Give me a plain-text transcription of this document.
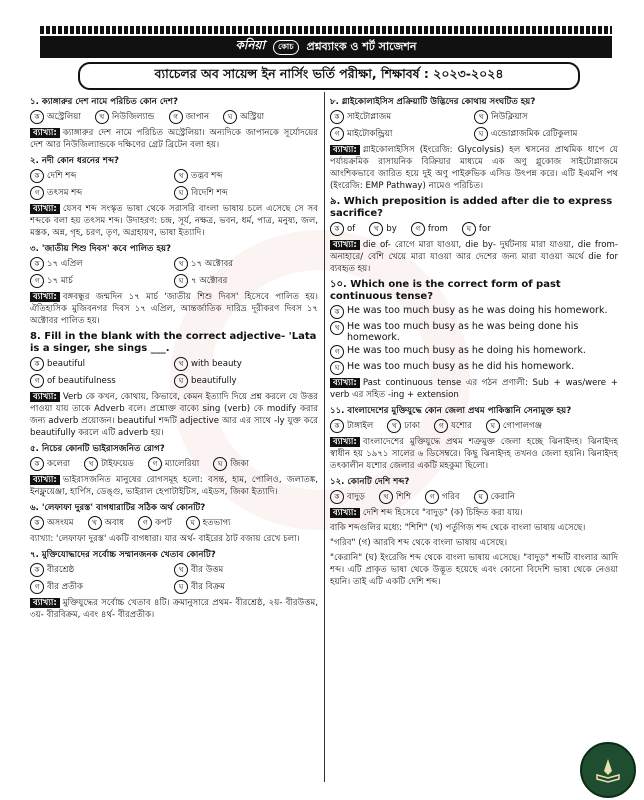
কনিয়া	কোচ	প্রশ্নব্যাংক ও শর্ট সাজেশন
ব্যাচেলর অব সায়েন্স ইন নার্সিং ভর্তি পরীক্ষা, শিক্ষাবর্ষ : ২০২৩-২০২৪
১. ক্যাঙ্গারুর দেশ নামে পরিচিত কোন দেশ?
ক অস্ট্রেলিয়া	খ নিউজিল্যান্ড	গ জাপান	ঘ অস্ট্রিয়া
ব্যাখ্যা: ক্যাঙ্গারুর দেশ নামে পরিচিত অস্ট্রেলিয়া। অন্যদিকে জাপানকে সূর্যোদয়ের দেশ আর নিউজিল্যান্ডকে দক্ষিণের গ্রেট ব্রিটেন বলা হয়।
২. নদী কোন ধরনের শব্দ?
ক দেশি শব্দ	খ তদ্ভব শব্দ
গ তৎসম শব্দ	ঘ বিদেশি শব্দ
ব্যাখ্যা: যেসব শব্দ সংস্কৃত ভাষা থেকে সরাসরি বাংলা ভাষায় চলে এসেছে সে সব শব্দকে বলা হয় তৎসম শব্দ। উদাহরণ: চন্দ্র, সূর্য, নক্ষত্র, ভবন, ধর্ম, পাত্র, মনুষ্য, জল, মস্তক, অন্ন, গৃহ, চরণ, তৃণ, অগ্রহায়ণ, ভাষা ইত্যাদি।
৩. 'জাতীয় শিশু দিবস' কবে পালিত হয়?
ক ১৭ এপ্রিল	খ ১৭ অক্টোবর
গ ১৭ মার্চ	ঘ ৭ অক্টোবর
ব্যাখ্যা: বঙ্গবন্ধুর জন্মদিন ১৭ মার্চ 'জাতীয় শিশু দিবস' হিসেবে পালিত হয়। ঐতিহাসিক মুজিবনগর দিবস ১৭ এপ্রিল, আন্তর্জাতিক দারিদ্র দূরীকরণ দিবস ১৭ অক্টোবর পালিত হয়।
8. Fill in the blank with the correct adjective- 'Lata is a singer, she sings ___.
ক beautiful	খ with beauty
গ of beautifulness	ঘ beautifully
ব্যাখ্যা: Verb কে কখন, কোথায়, কিভাবে, কেমন ইত্যাদি দিয়ে প্রশ্ন করলে যে উত্তর পাওয়া যায় তাকে Adverb বলে। প্রশ্নোক্ত বাক্যে sing (verb) কে modify করার জন্য adverb প্রয়োজন। beautiful শব্দটি adjective আর এর সাথে -ly যুক্ত করে beautifully করলে এটি adverb হয়।
৫. নিচের কোনটি ভাইরাসজনিত রোগ?
ক কলেরা	খ টাইফয়েড	গ ম্যালেরিয়া	ঘ জিকা
ব্যাখ্যা: ভাইরাসজনিত মানুষের রোগসমূহ হলো: বসন্ত, হাম, পোলিও, জলাতঙ্ক, ইনফ্লুয়েঞ্জা, হার্পিস, ডেঙ্গু, ভাইরাল হেপাটাইটিস, এইডস, জিকা ইত্যাদি।
৬. 'লেফাফা দুরস্ত' বাগধারাটির সঠিক অর্থ কোনটি?
ক অসংযম	খ অবাধ	গ কপট	ঘ হতভাগ্য
ব্যাখ্যা: 'লেফাফা দুরস্ত' একটি বাগধারা। যার অর্থ- বাইরের ঠাট বজায় রেখে চলা।
৭. মুক্তিযোদ্ধাদের সর্বোচ্চ সম্মানজনক খেতাব কোনটি?
ক বীরশ্রেষ্ঠ	খ বীর উত্তম
গ বীর প্রতীক	ঘ বীর বিক্রম
ব্যাখ্যা: মুক্তিযুদ্ধের সর্বোচ্চ খেতাব ৪টি। ক্রমানুসারে প্রথম- বীরশ্রেষ্ঠ, ২য়- বীরউত্তম, ৩য়- বীরবিক্রম, এবং ৪র্থ- বীরপ্রতীক।
৮. গ্লাইকোলাইসিস প্রক্রিয়াটি উদ্ভিদের কোথায় সংঘটিত হয়?
ক সাইটোপ্লাজম	খ নিউক্লিয়াস
গ মাইটোকন্ড্রিয়া	ঘ এন্ডোপ্লাজমিক রেটিকুলাম
ব্যাখ্যা: গ্লাইকোলাইসিস (ইংরেজি: Glycolysis) হল শ্বসনের প্রাথমিক ধাপে যে পর্যায়ক্রমিক রাসায়নিক বিক্রিয়ার মাধ্যমে এক অণু গ্লুকোজ সাইটোপ্লাজমে আংশিকভাবে জারিত হয়ে দুই অণু পাইরুভিক এসিড উৎপন্ন করে। এটি ইএমপি পথ (ইংরেজি: EMP Pathway) নামেও পরিচিত।
৯. Which preposition is added after die to express sacrifice?
ক of	খ by	গ from	ঘ for
ব্যাখ্যা: die of- রোগে মারা যাওয়া, die by- দুর্ঘটনায় মারা যাওয়া, die from- অনাহারে/ বেশি খেয়ে মারা যাওয়া আর দেশের জন্য মারা যাওয়া অর্থে die for ব্যবহৃত হয়।
১০. Which one is the correct form of past continuous tense?
ক He was too much busy as he was doing his homework.
খ He was too much busy as he was being done his homework.
গ He was too much busy as he doing his homework.
ঘ He was too much busy as he did his homework.
ব্যাখ্যা: Past continuous tense এর গঠন প্রণালী: Sub + was/were + verb এর সহিত -ing + extension
১১. বাংলাদেশের মুক্তিযুদ্ধে কোন জেলা প্রথম পাকিস্তানি সেনামুক্ত হয়?
ক টাঙ্গাইল	খ ঢাকা	গ যশোর	ঘ গোপালগঞ্জ
ব্যাখ্যা: বাংলাদেশের মুক্তিযুদ্ধে প্রথম শত্রুমুক্ত জেলা হচ্ছে ঝিনাইদহ। ঝিনাইদহ স্বাধীন হয় ১৯৭১ সালের ৬ ডিসেম্বরে। কিছু ঝিনাইদহ তখনও জেলা হয়নি। ঝিনাইদহ তৎকালীন যশোর জেলার একটি মহকুমা ছিলো।
১২. কোনটি দেশি শব্দ?
ক বাদুড়	খ শিশি	গ গরিব	ঘ কেরানি
ব্যাখ্যা: দেশি শব্দ হিসেবে "বাদুড়" (ক) চিহ্নিত করা যায়।
বাকি শব্দগুলির মধ্যে: "শিশি" (খ) পর্তুগিজ শব্দ থেকে বাংলা ভাষায় এসেছে।
"গরিব" (গ) আরবি শব্দ থেকে বাংলা ভাষায় এসেছে।
"কেরানি" (ঘ) ইংরেজি শব্দ থেকে বাংলা ভাষায় এসেছে। "বাদুড়" শব্দটি বাংলার আদি শব্দ। এটি প্রাকৃত ভাষা থেকে উদ্ভূত হয়েছে এবং কোনো বিদেশি ভাষা থেকে নেওয়া হয়নি। তাই এটি একটি দেশি শব্দ।
